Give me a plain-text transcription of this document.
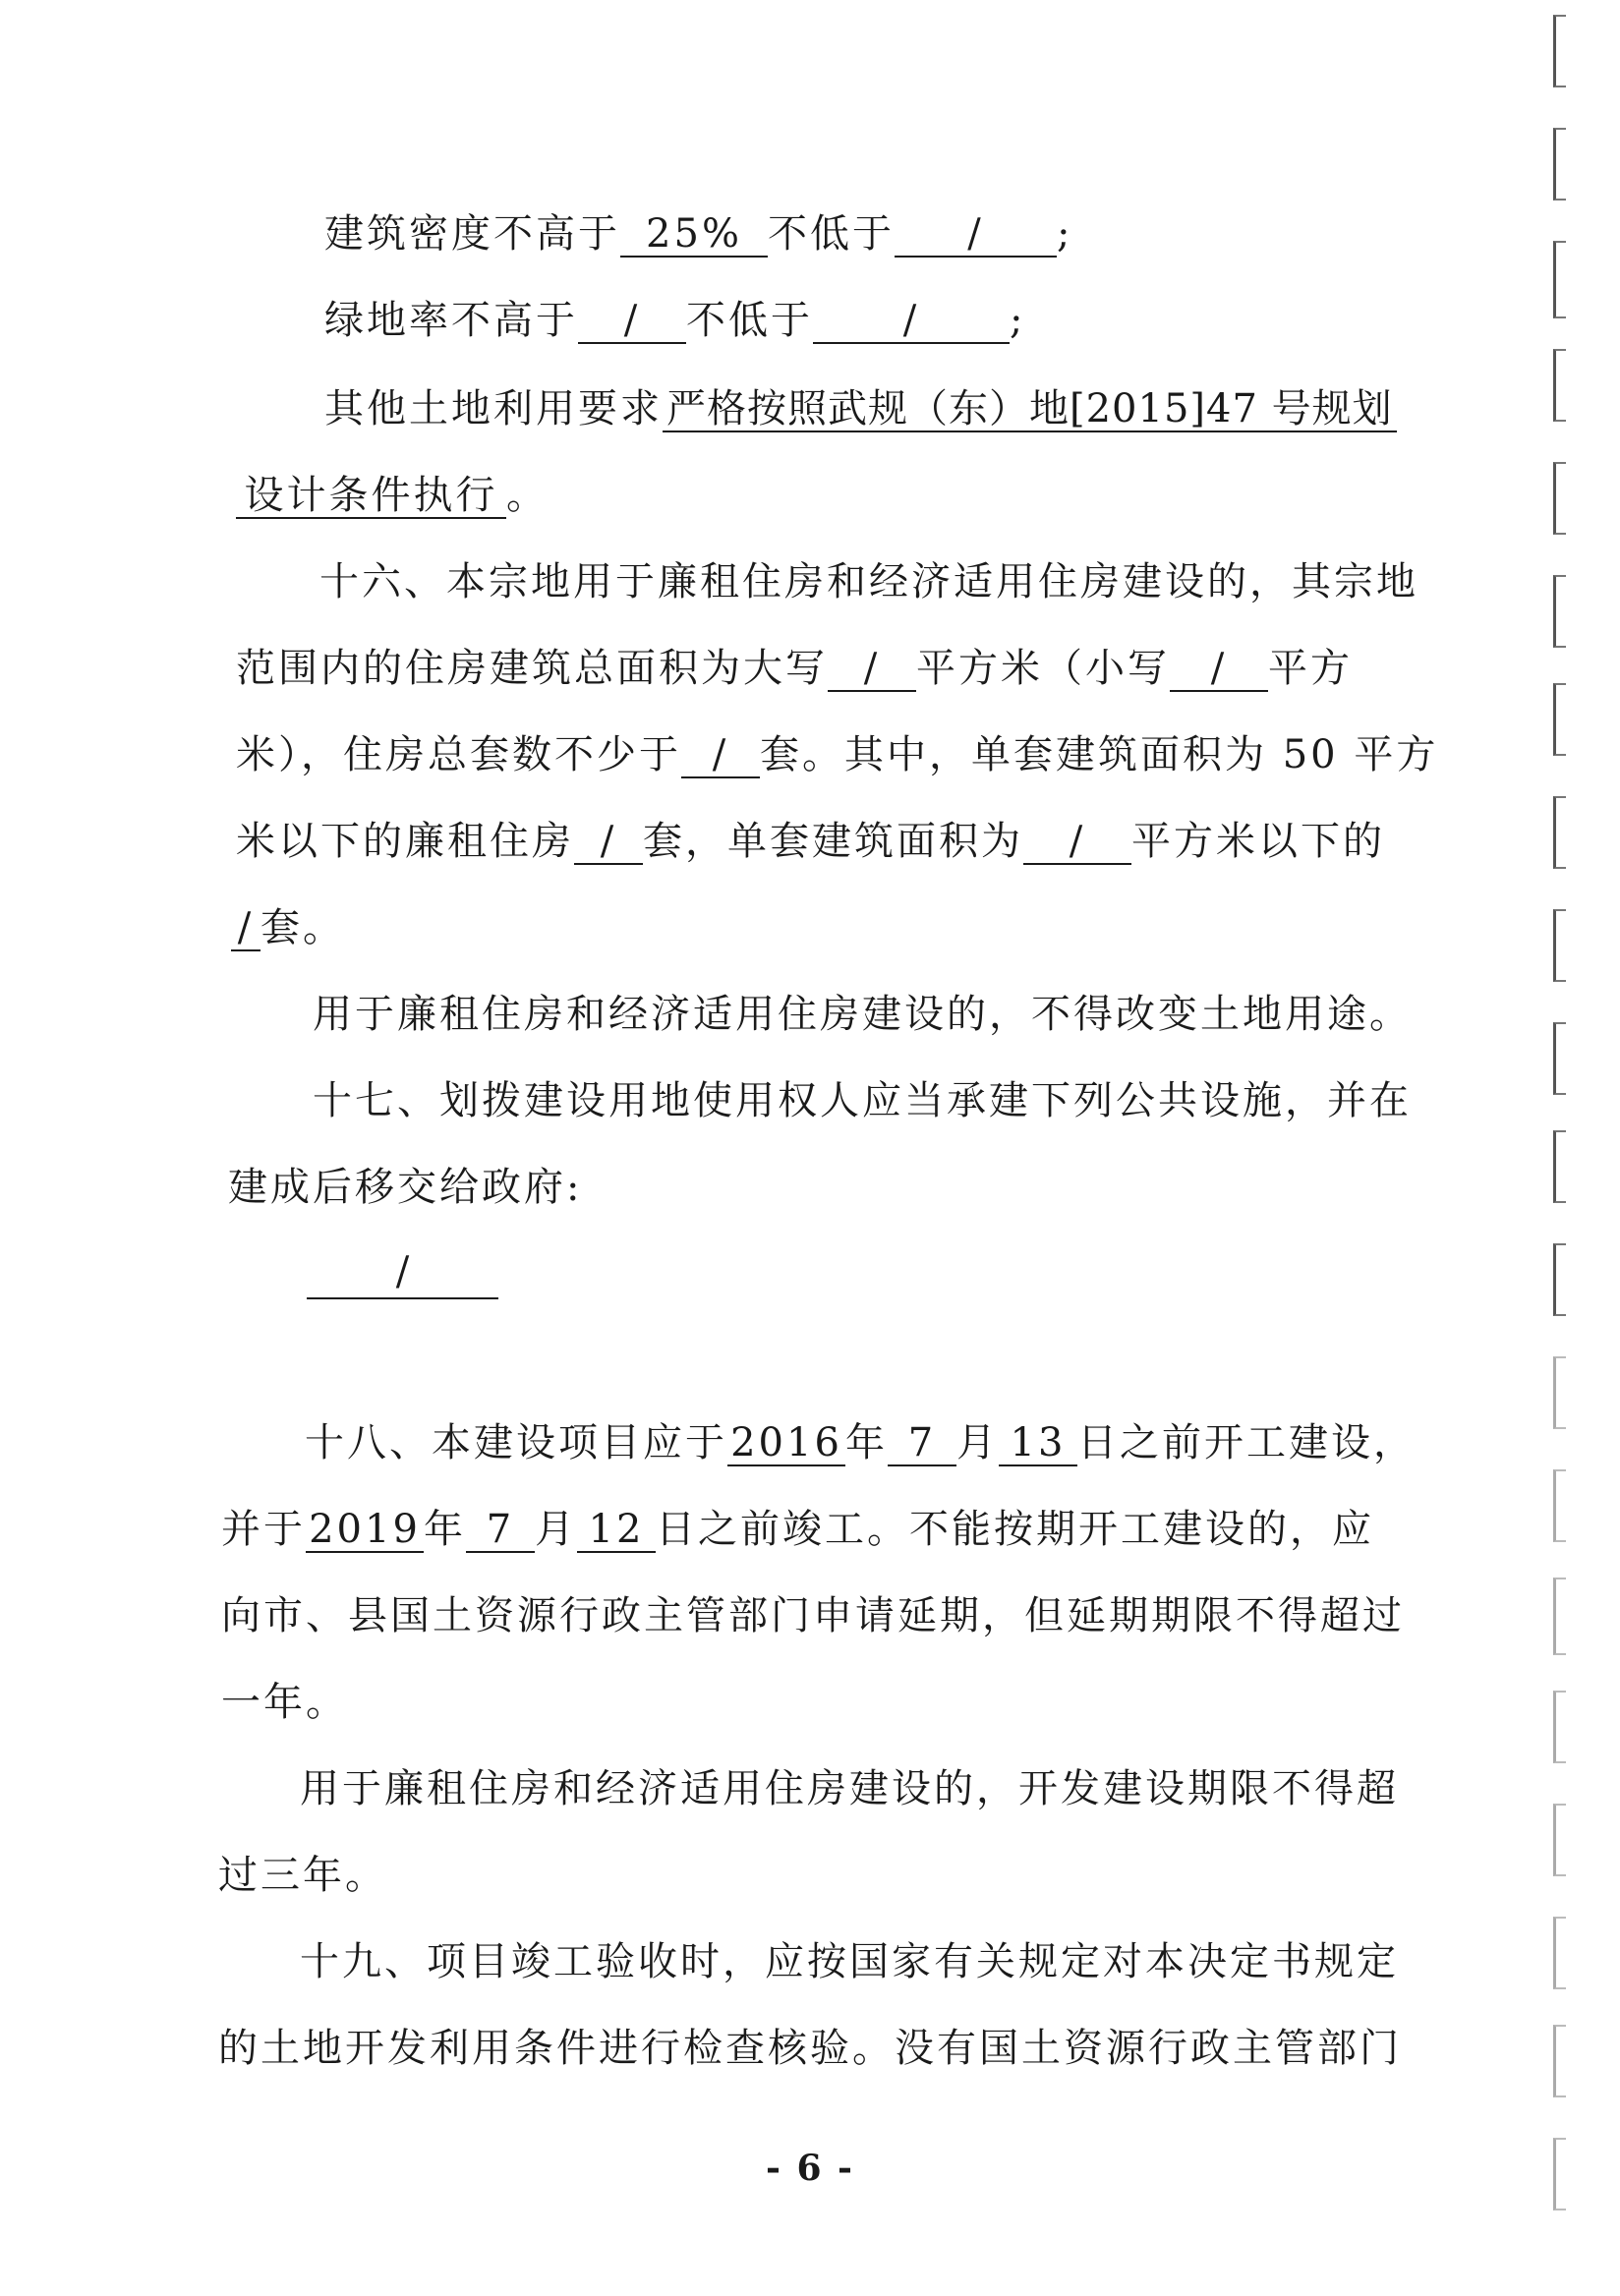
建筑密度不高于 25% 不低于 / ;
绿地率不高于 / 不低于 / ;
其他土地利用要求 严格按照武规（东）地[2015]47 号规划
设计条件执行 。
十六、本宗地用于廉租住房和经济适用住房建设的，其宗地
范围内的住房建筑总面积为大写 / 平方米（小写 / 平方
米），住房总套数不少于 / 套。其中，单套建筑面积为 50 平方
米以下的廉租住房 / 套，单套建筑面积为 / 平方米以下的
/ 套。
用于廉租住房和经济适用住房建设的，不得改变土地用途。
十七、划拨建设用地使用权人应当承建下列公共设施，并在
建成后移交给政府:
/
十八、本建设项目应于2016年 7 月 13 日之前开工建设，
并于2019年 7 月 12 日之前竣工。不能按期开工建设的，应
向市、县国土资源行政主管部门申请延期，但延期期限不得超过
一年。
用于廉租住房和经济适用住房建设的，开发建设期限不得超
过三年。
十九、项目竣工验收时，应按国家有关规定对本决定书规定
的土地开发利用条件进行检查核验。没有国土资源行政主管部门
- 6 -
